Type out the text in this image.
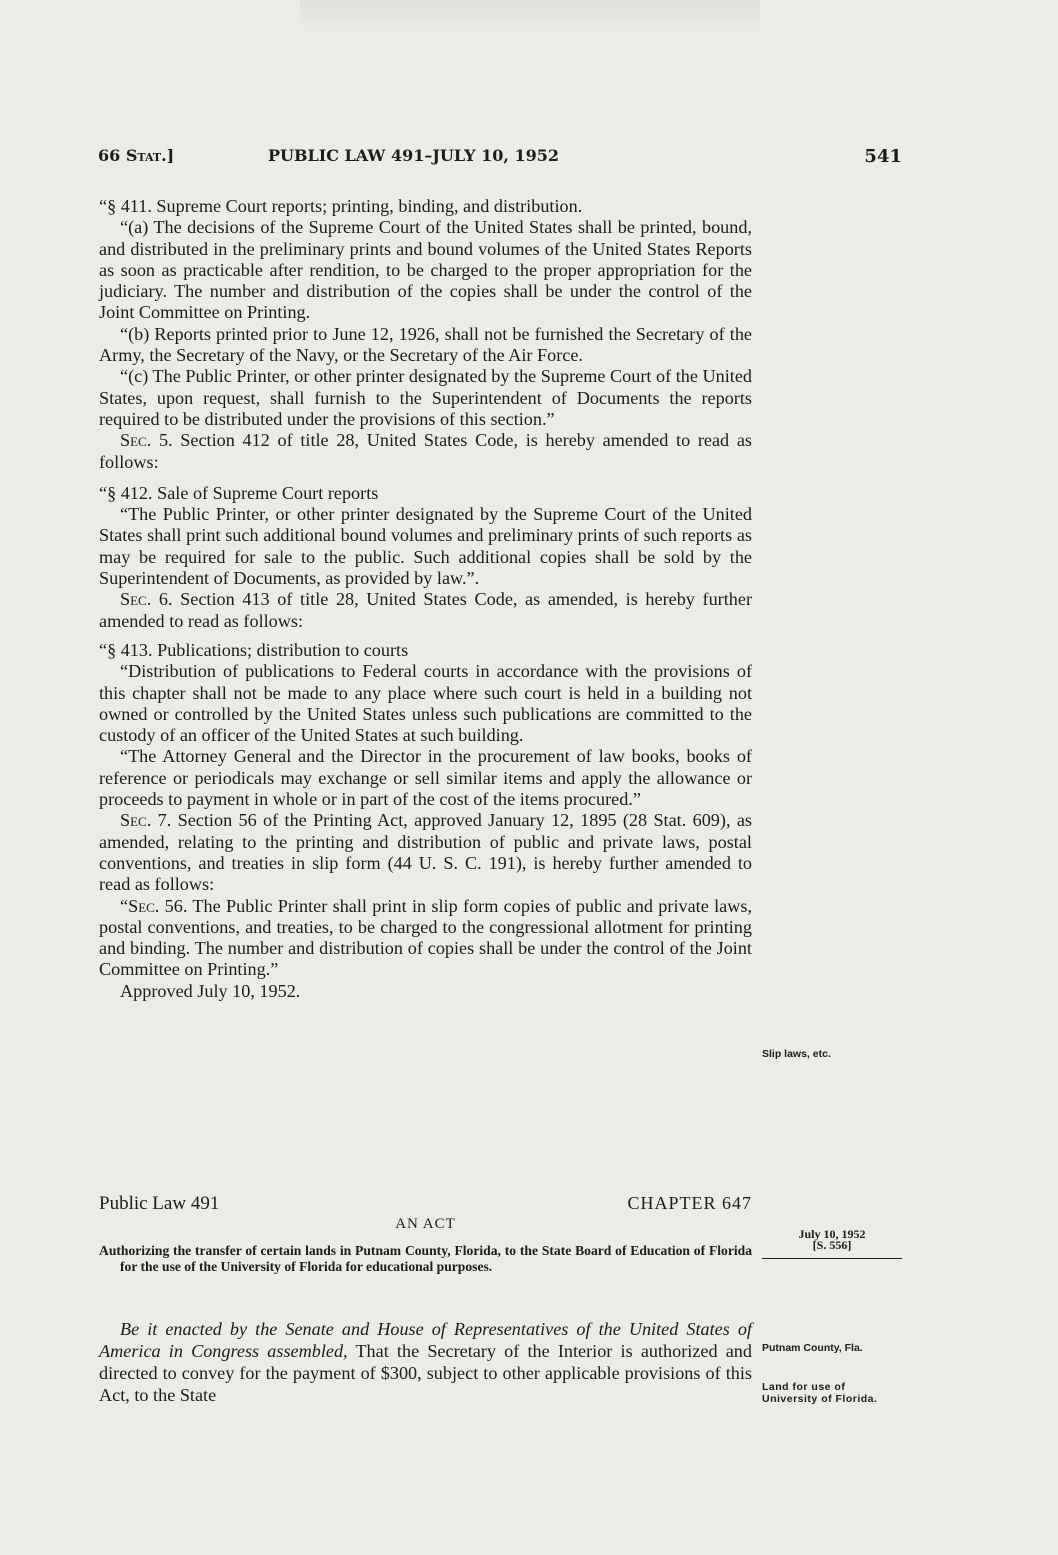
66 Stat.]	PUBLIC LAW 491–JULY 10, 1952	541

“§ 411. Supreme Court reports; printing, binding, and distribution.

“(a) The decisions of the Supreme Court of the United States shall be printed, bound, and distributed in the preliminary prints and bound volumes of the United States Reports as soon as practicable after rendition, to be charged to the proper appropriation for the judiciary. The number and distribution of the copies shall be under the control of the Joint Committee on Printing.

“(b) Reports printed prior to June 12, 1926, shall not be furnished the Secretary of the Army, the Secretary of the Navy, or the Secretary of the Air Force.

“(c) The Public Printer, or other printer designated by the Supreme Court of the United States, upon request, shall furnish to the Superintendent of Documents the reports required to be distributed under the provisions of this section.”

Sec. 5. Section 412 of title 28, United States Code, is hereby amended to read as follows:

“§ 412. Sale of Supreme Court reports

“The Public Printer, or other printer designated by the Supreme Court of the United States shall print such additional bound volumes and preliminary prints of such reports as may be required for sale to the public. Such additional copies shall be sold by the Superintendent of Documents, as provided by law.”.

Sec. 6. Section 413 of title 28, United States Code, as amended, is hereby further amended to read as follows:

“§ 413. Publications; distribution to courts

“Distribution of publications to Federal courts in accordance with the provisions of this chapter shall not be made to any place where such court is held in a building not owned or controlled by the United States unless such publications are committed to the custody of an officer of the United States at such building.

“The Attorney General and the Director in the procurement of law books, books of reference or periodicals may exchange or sell similar items and apply the allowance or proceeds to payment in whole or in part of the cost of the items procured.”

Sec. 7. Section 56 of the Printing Act, approved January 12, 1895 (28 Stat. 609), as amended, relating to the printing and distribution of public and private laws, postal conventions, and treaties in slip form (44 U. S. C. 191), is hereby further amended to read as follows:

“Sec. 56. The Public Printer shall print in slip form copies of public and private laws, postal conventions, and treaties, to be charged to the congressional allotment for printing and binding. The number and distribution of copies shall be under the control of the Joint Committee on Printing.”

Approved July 10, 1952.

Public Law 491	CHAPTER 647
AN ACT
Authorizing the transfer of certain lands in Putnam County, Florida, to the State Board of Education of Florida for the use of the University of Florida for educational purposes.
Be it enacted by the Senate and House of Representatives of the United States of America in Congress assembled, That the Secretary of the Interior is authorized and directed to convey for the payment of $300, subject to other applicable provisions of this Act, to the State
Slip laws, etc.
July 10, 1952
[S. 556]
Putnam County, Fla.
Land for use of University of Florida.
